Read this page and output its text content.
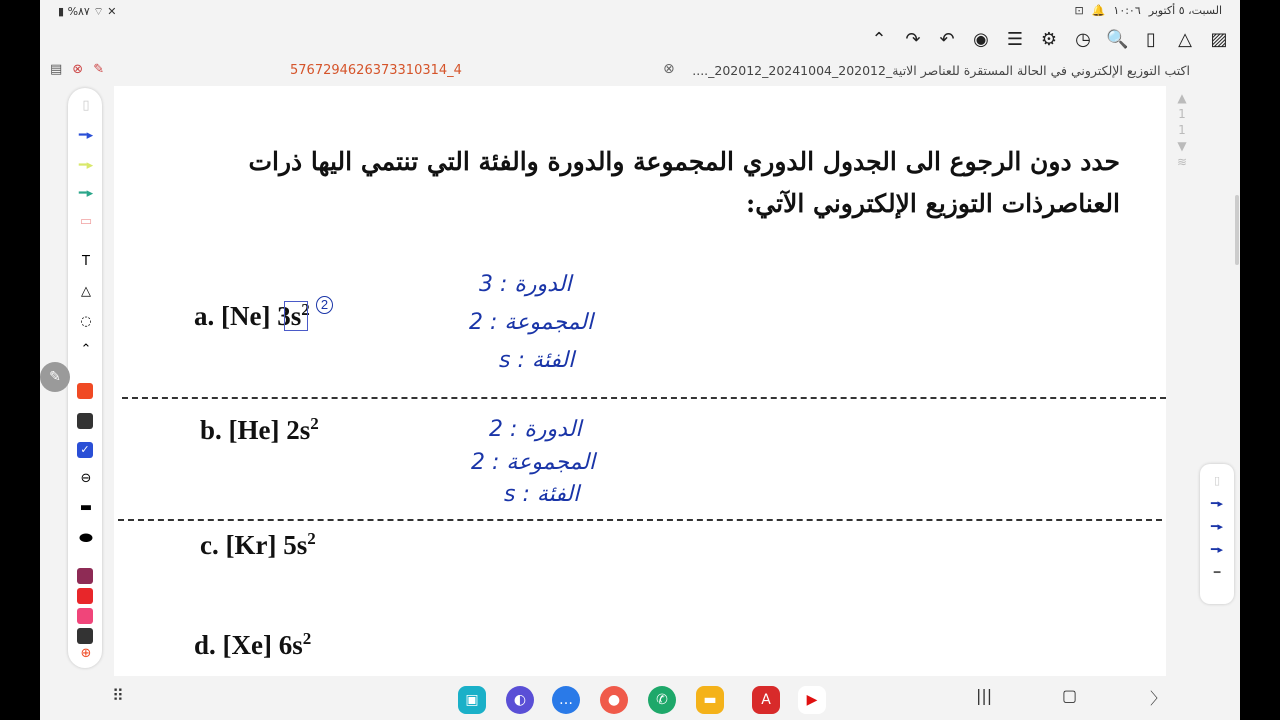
▮ %٨٧ ⌔ ✕	السبت، ٥ أكتوبر
١٠:٠٦
🔔
⊡
⌃ ↷ ↶ ◉ ☰ ⚙ ◷ 🔍 ▯	△ ▨
▤ ⊗ ✎	5767294626373310314_4	⊗ اكتب التوزيع الإلكتروني في الحالة المستقرة للعناصر الاتية_202012_20241004_202012_....
▯
━▸
━▸
━▸
▭
T
△
◌
⌃
✓
⊖
▬
⬬
⊕
✎
حدد دون الرجوع الى الجدول الدوري المجموعة والدورة والفئة التي تنتمي اليها ذرات العناصرذات التوزيع الإلكتروني الآتي:
a. [Ne] $3s^2$ 2
الدورة : 3
المجموعة : 2
الفئة : s
b. [He] $2s^2$	الدورة : 2
المجموعة : 2
الفئة : s
c. [Kr] $5s^2$
d. [Xe] $6s^2$
▲
1
1
▼
≋
▯
━▸
━▸
━▸
━
⠿	▣	◐	…	●	✆	▬	A	▶	|||	▢	〉
